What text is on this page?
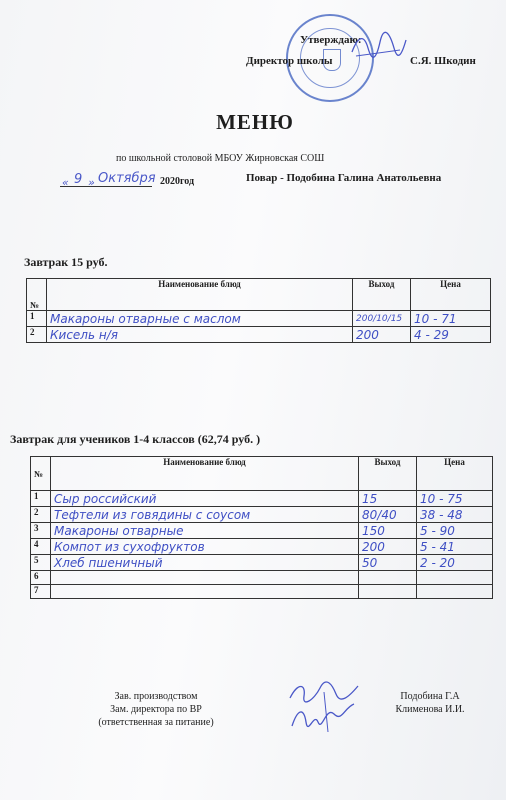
Утверждаю:
Директор школы	С.Я. Шкодин
МЕНЮ
по школьной столовой МБОУ Жирновская СОШ
« 9 » Октября 2020год	Повар - Подобина Галина Анатольевна
Завтрак 15 руб.
№	Наименование блюд	Выход	Цена
1	Макароны отварные с маслом	200/10/15	10 - 71
2	Кисель н/я	200	4 - 29
Завтрак для учеников 1-4 классов (62,74 руб. )
№	Наименование блюд	Выход	Цена
1	Сыр российский	15	10 - 75
2	Тефтели из говядины с соусом	80/40	38 - 48
3	Макароны отварные	150	5 - 90
4	Компот из сухофруктов	200	5 - 41
5	Хлеб пшеничный	50	2 - 20
6			
7			
Зав. производством
Зам. директора по ВР
(ответственная за питание)
Подобина Г.А
Клименова И.И.
